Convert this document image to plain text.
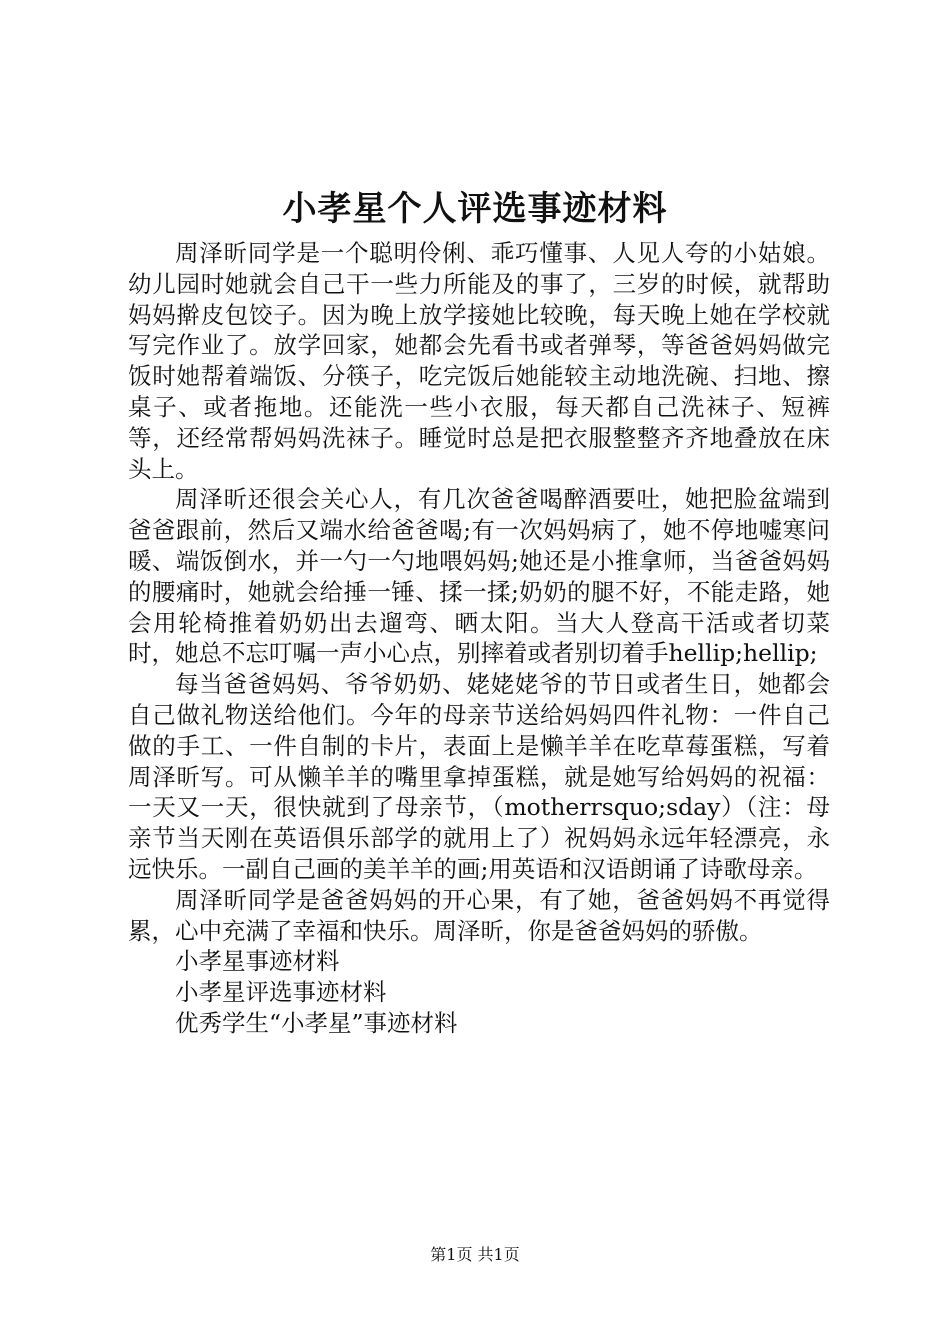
小孝星个人评选事迹材料

周泽昕同学是一个聪明伶俐、乖巧懂事、人见人夸的小姑娘。幼儿园时她就会自己干一些力所能及的事了，三岁的时候，就帮助妈妈擀皮包饺子。因为晚上放学接她比较晚，每天晚上她在学校就写完作业了。放学回家，她都会先看书或者弹琴，等爸爸妈妈做完饭时她帮着端饭、分筷子，吃完饭后她能较主动地洗碗、扫地、擦桌子、或者拖地。还能洗一些小衣服，每天都自己洗袜子、短裤等，还经常帮妈妈洗袜子。睡觉时总是把衣服整整齐齐地叠放在床头上。

周泽昕还很会关心人，有几次爸爸喝醉酒要吐，她把脸盆端到爸爸跟前，然后又端水给爸爸喝;有一次妈妈病了，她不停地嘘寒问暖、端饭倒水，并一勺一勺地喂妈妈;她还是小推拿师，当爸爸妈妈的腰痛时，她就会给捶一锤、揉一揉;奶奶的腿不好，不能走路，她会用轮椅推着奶奶出去遛弯、晒太阳。当大人登高干活或者切菜时，她总不忘叮嘱一声小心点，别摔着或者别切着手hellip;hellip;

每当爸爸妈妈、爷爷奶奶、姥姥姥爷的节日或者生日，她都会自己做礼物送给他们。今年的母亲节送给妈妈四件礼物：一件自己做的手工、一件自制的卡片，表面上是懒羊羊在吃草莓蛋糕，写着周泽昕写。可从懒羊羊的嘴里拿掉蛋糕，就是她写给妈妈的祝福：一天又一天，很快就到了母亲节，（motherrsquo;sday）（注：母亲节当天刚在英语俱乐部学的就用上了）祝妈妈永远年轻漂亮，永远快乐。一副自己画的美羊羊的画;用英语和汉语朗诵了诗歌母亲。

周泽昕同学是爸爸妈妈的开心果，有了她，爸爸妈妈不再觉得累，心中充满了幸福和快乐。周泽昕，你是爸爸妈妈的骄傲。

小孝星事迹材料

小孝星评选事迹材料

优秀学生“小孝星”事迹材料

第1页 共1页
